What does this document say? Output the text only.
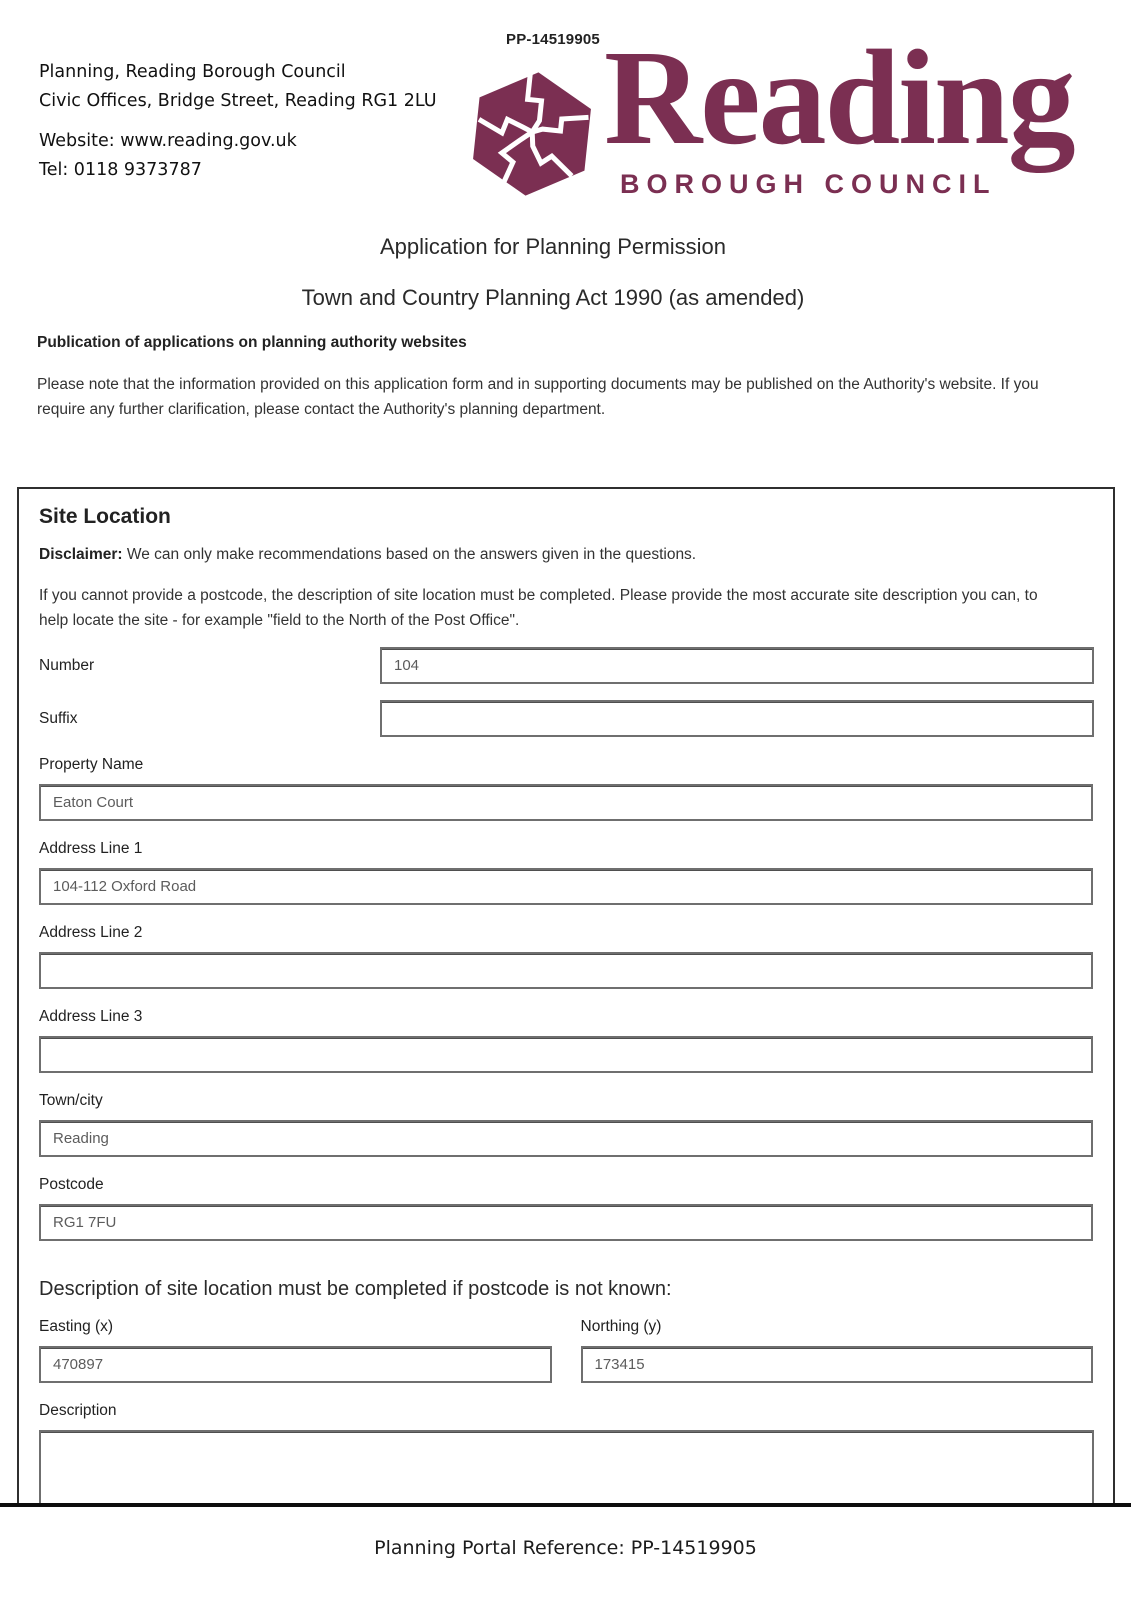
PP-14519905

Planning, Reading Borough Council

Civic Offices, Bridge Street, Reading RG1 2LU

Website: www.reading.gov.uk

Tel: 0118 9373787	Reading
BOROUGH COUNCIL
Application for Planning Permission
Town and Country Planning Act 1990 (as amended)
Publication of applications on planning authority websites
Please note that the information provided on this application form and in supporting documents may be published on the Authority's website. If you require any further clarification, please contact the Authority's planning department.
Site Location

Disclaimer: We can only make recommendations based on the answers given in the questions.

If you cannot provide a postcode, the description of site location must be completed. Please provide the most accurate site description you can, to help locate the site - for example "field to the North of the Post Office".

Number
104
Suffix
Property Name
Eaton Court
Address Line 1
104-112 Oxford Road
Address Line 2
Address Line 3
Town/city
Reading
Postcode
RG1 7FU
Description of site location must be completed if postcode is not known:
Easting (x)
470897	Northing (y)
173415
Description
Planning Portal Reference: PP-14519905
